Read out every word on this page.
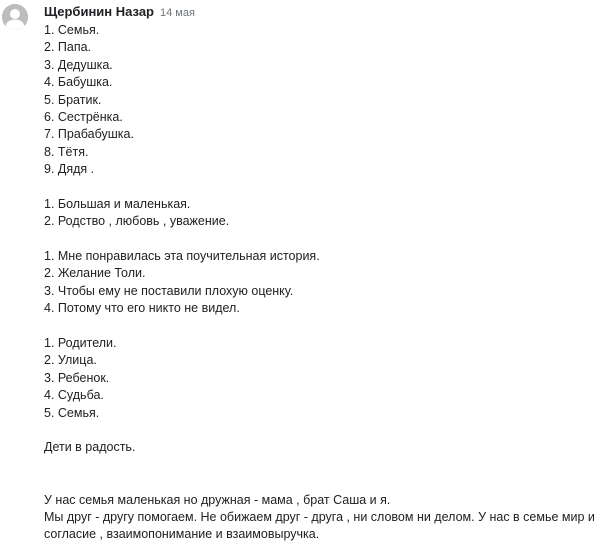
Щербинин Назар 14 мая
1. Семья.
2. Папа.
3. Дедушка.
4. Бабушка.
5. Братик.
6. Сестрёнка.
7. Прабабушка.
8. Тётя.
9. Дядя .
1. Большая и маленькая.
2. Родство , любовь , уважение.
1. Мне понравилась эта поучительная история.
2. Желание Толи.
3. Чтобы ему не поставили плохую оценку.
4. Потому что его никто не видел.
1. Родители.
2. Улица.
3. Ребенок.
4. Судьба.
5. Семья.
Дети в радость.
У нас семья маленькая но дружная - мама , брат Саша и я.
Мы друг - другу помогаем. Не обижаем друг - друга , ни словом ни делом. У нас в семье мир и согласие , взаимопонимание и взаимовыручка.
